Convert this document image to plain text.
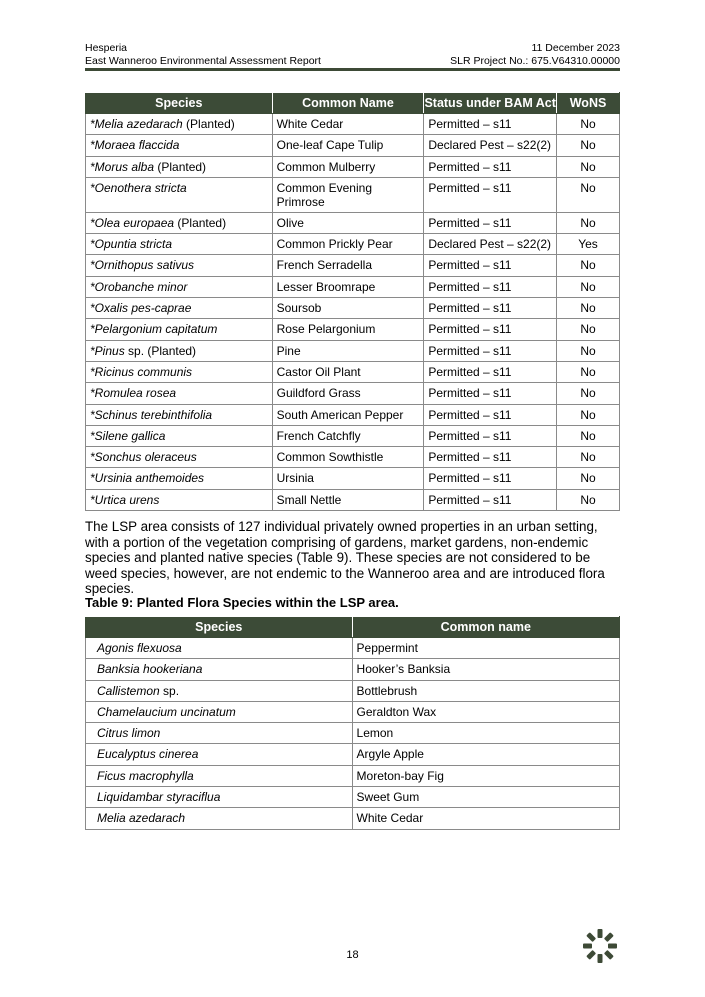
Hesperia
East Wanneroo Environmental Assessment Report
11 December 2023
SLR Project No.: 675.V64310.00000
Species	Common Name	Status under BAM Act	WoNS
*Melia azedarach (Planted)	White Cedar	Permitted – s11	No
*Moraea flaccida	One-leaf Cape Tulip	Declared Pest – s22(2)	No
*Morus alba (Planted)	Common Mulberry	Permitted – s11	No
*Oenothera stricta	Common Evening Primrose	Permitted – s11	No
*Olea europaea (Planted)	Olive	Permitted – s11	No
*Opuntia stricta	Common Prickly Pear	Declared Pest – s22(2)	Yes
*Ornithopus sativus	French Serradella	Permitted – s11	No
*Orobanche minor	Lesser Broomrape	Permitted – s11	No
*Oxalis pes-caprae	Soursob	Permitted – s11	No
*Pelargonium capitatum	Rose Pelargonium	Permitted – s11	No
*Pinus sp. (Planted)	Pine	Permitted – s11	No
*Ricinus communis	Castor Oil Plant	Permitted – s11	No
*Romulea rosea	Guildford Grass	Permitted – s11	No
*Schinus terebinthifolia	South American Pepper	Permitted – s11	No
*Silene gallica	French Catchfly	Permitted – s11	No
*Sonchus oleraceus	Common Sowthistle	Permitted – s11	No
*Ursinia anthemoides	Ursinia	Permitted – s11	No
*Urtica urens	Small Nettle	Permitted – s11	No

The LSP area consists of 127 individual privately owned properties in an urban setting, with a portion of the vegetation comprising of gardens, market gardens, non-endemic species and planted native species (Table 9). These species are not considered to be weed species, however, are not endemic to the Wanneroo area and are introduced flora species.

Table 9: Planted Flora Species within the LSP area.
Species	Common name
Agonis flexuosa	Peppermint
Banksia hookeriana	Hooker’s Banksia
Callistemon sp.	Bottlebrush
Chamelaucium uncinatum	Geraldton Wax
Citrus limon	Lemon
Eucalyptus cinerea	Argyle Apple
Ficus macrophylla	Moreton-bay Fig
Liquidambar styraciflua	Sweet Gum
Melia azedarach	White Cedar
18
